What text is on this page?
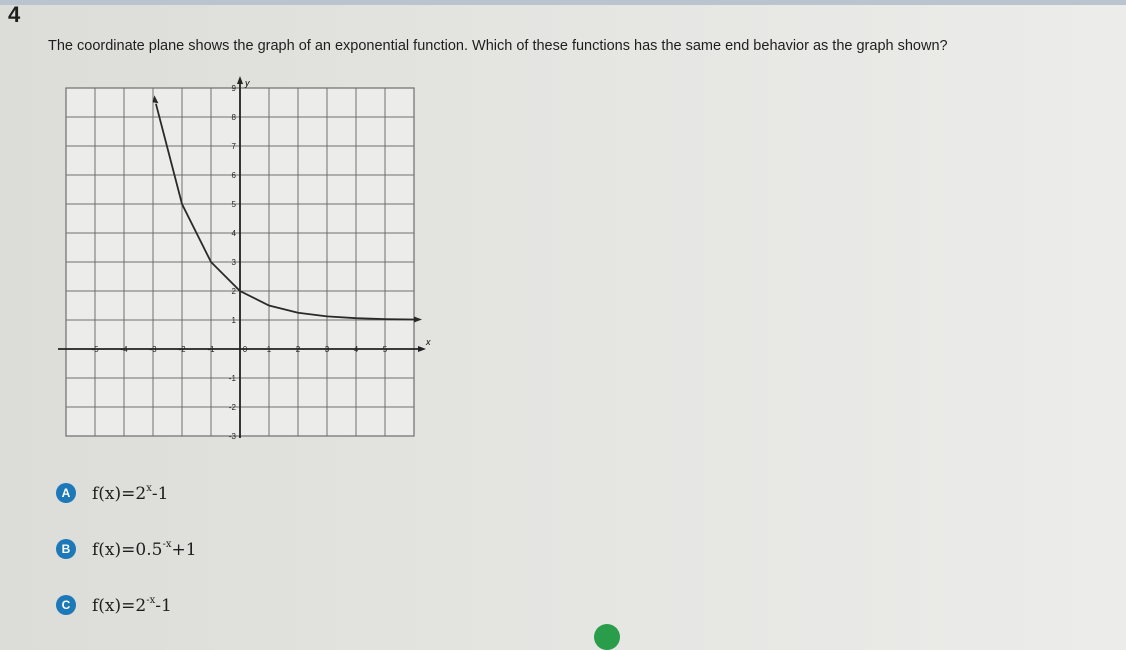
4
The coordinate plane shows the graph of an exponential function. Which of these functions has the same end behavior as the graph shown?
x
y
-5	-4	-3	-2	-1	0 1	2	3	4	5
-3
-2
-1
1
2
3
4
5
6
7
8
9
A	$f(x)=2^x-1$
B	$f(x)=0.5^{-x}+1$
C	$f(x)=2^{-x}-1$
